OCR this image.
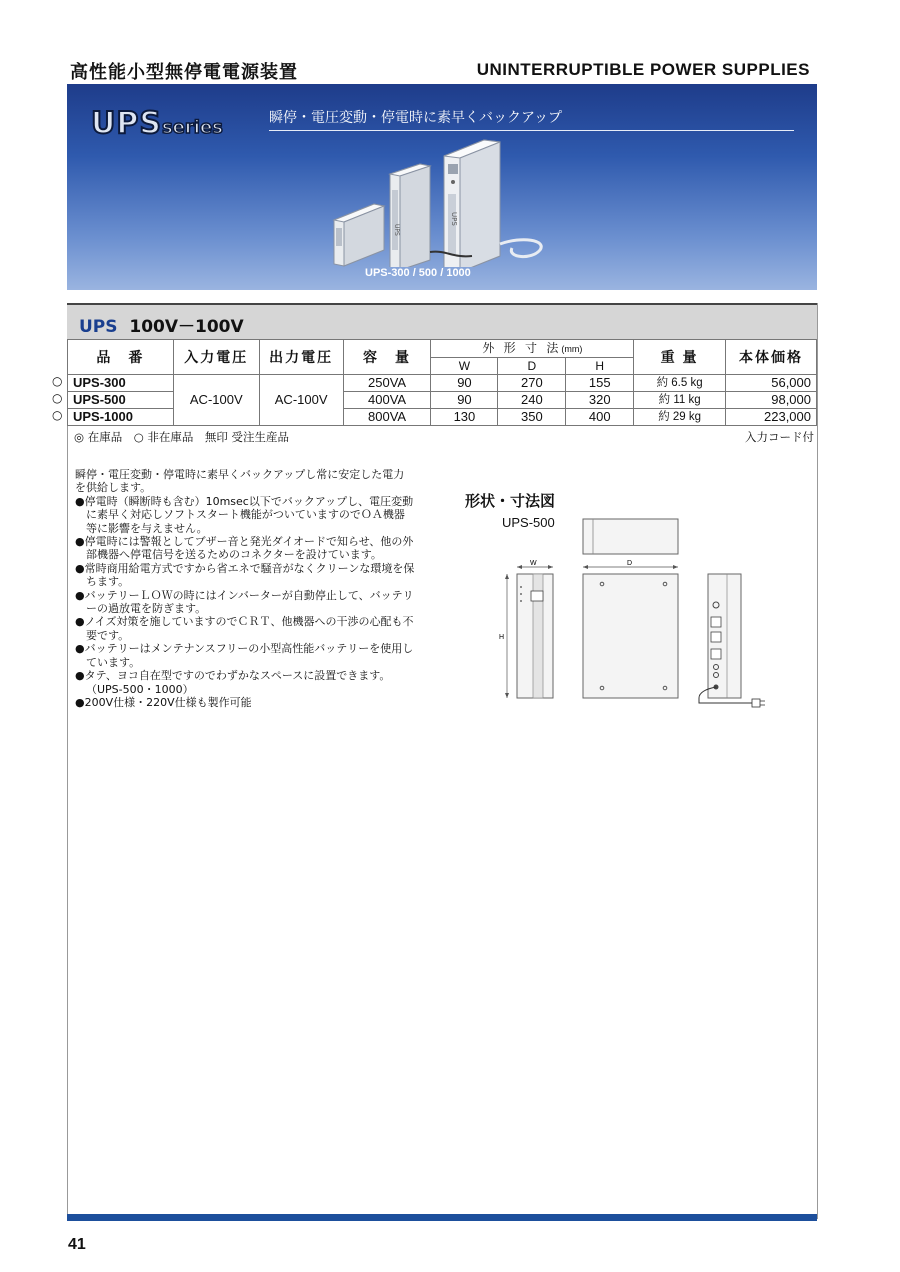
高性能小型無停電電源装置	UNINTERRUPTIBLE POWER SUPPLIES
UPSseries	瞬停・電圧変動・停電時に素早くバックアップ
UPS
UPS
UPS-300 / 500 / 1000
UPS 100V－100V
品　番	入力電圧	出力電圧	容　量	外 形 寸 法(mm)			重 量	本体価格
				W	D	H		
UPS-300	AC-100V	AC-100V	250VA	90	270	155	約 6.5 kg	56,000
UPS-500			400VA	90	240	320	約 11 kg	98,000
UPS-1000			800VA	130	350	400	約 29 kg	223,000
○
○
○
◎ 在庫品　○ 非在庫品　無印 受注生産品	入力コード付

瞬停・電圧変動・停電時に素早くバックアップし常に安定した電力を供給します。

●停電時（瞬断時も含む）10msec以下でバックアップし、電圧変動に素早く対応しソフトスタート機能がついていますのでＯＡ機器等に影響を与えません。

●停電時には警報としてブザー音と発光ダイオードで知らせ、他の外部機器へ停電信号を送るためのコネクターを設けています。

●常時商用給電方式ですから省エネで騒音がなくクリーンな環境を保ちます。

●バッテリーＬＯＷの時にはインバーターが自動停止して、バッテリーの過放電を防ぎます。

●ノイズ対策を施していますのでＣＲＴ、他機器への干渉の心配も不要です。

●バッテリーはメンテナンスフリーの小型高性能バッテリーを使用しています。

●タテ、ヨコ自在型ですのでわずかなスペースに設置できます。（UPS-500・1000）

●200V仕様・220V仕様も製作可能

形状・寸法図
UPS-500
W
H
D
41
